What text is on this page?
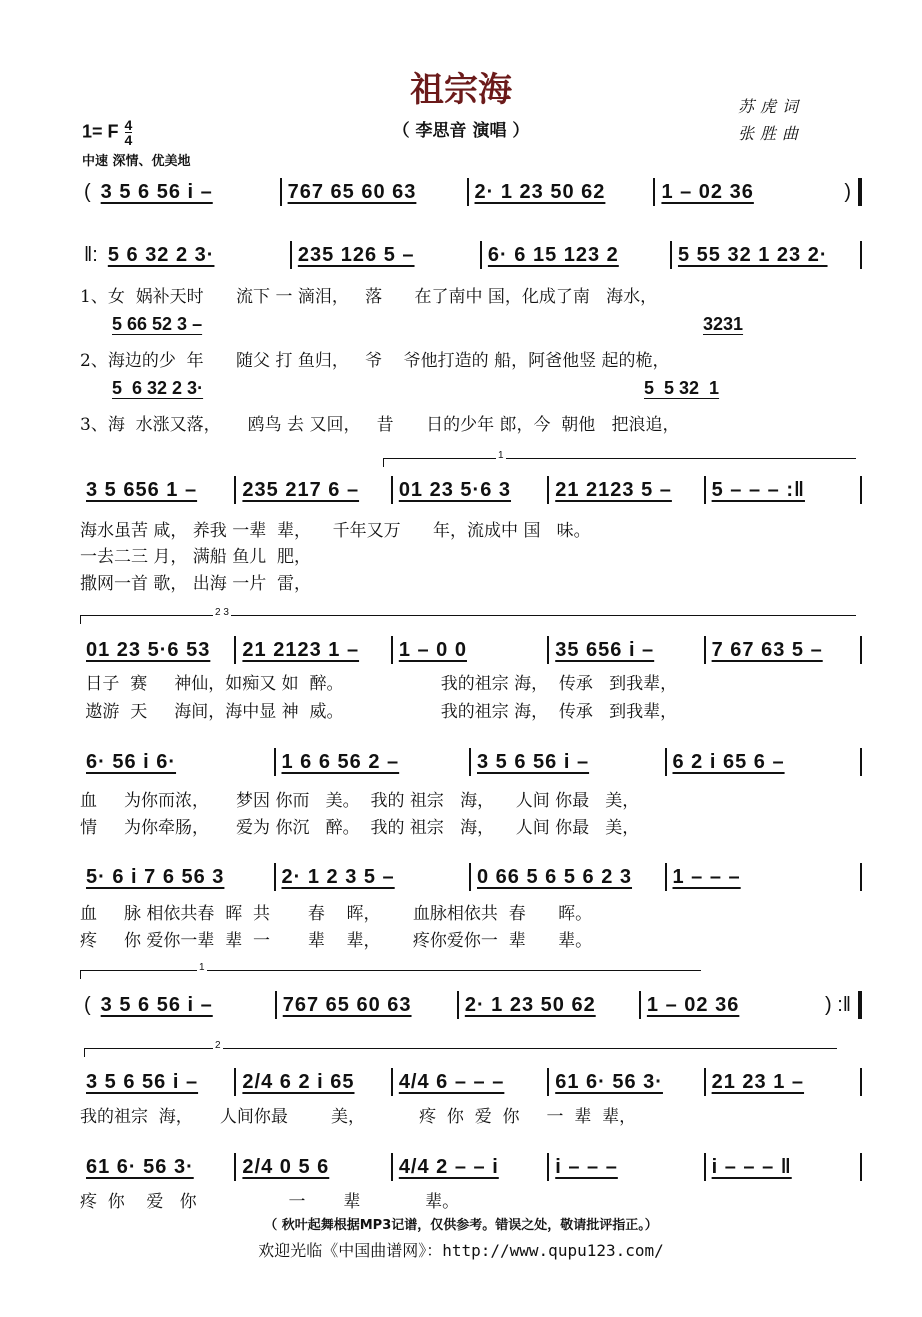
祖宗海
（ 李思音 演唱 ）
苏虎词
张胜曲
1= F $\frac{4}{4}$
中速 深情、优美地
( 3 5 6 56 i –	767 65 60 63	2· 1 23 50 62	1 – 02 36	)
‖: 5 6 32 2 3·	235 126 5 –	6· 6 15 123 2	5 55 32 1 23 2·
3 5 656 1 –	235 217 6 –	01 23 5·6 3	21 2123 5 –	5 – – – :‖
01 23 5·6 53	21 2123 1 –	1 – 0 0	35 656 i –	7 67 63 5 –
6· 56 i 6·	1 6 6 56 2 –	3 5 6 56 i –	6 2 i 65 6 –
5· 6 i 7 6 56 3	2· 1 2 3 5 –	0 66 5 6 5 6 2 3	1 – – –
( 3 5 6 56 i –	767 65 60 63	2· 1 23 50 62	1 – 02 36	) :‖
3 5 6 56 i –	2/4 6 2 i 65	4/4 6 – – –	61 6· 56 3·	21 23 1 –
61 6· 56 3·	2/4 0 5 6	4/4 2 – – i	i – – –	i – – – ‖
5 66 52 3 –	3231
5  6 32 2 3·	5  5 32  1
1、女  娲补天时      流下 一 滴泪，   落      在了南中 国，化成了南   海水，
2、海边的少  年      随父 打 鱼归，   爷    爷他打造的 船，阿爸他竖 起的桅，
3、海  水涨又落，     鸥鸟 去 又回，   昔      日的少年 郎，今  朝他   把浪追，
海水虽苦 咸， 养我 一辈  辈，    千年又万      年，流成中 国   味。
一去二三 月， 满船 鱼儿  肥，
撒网一首 歌， 出海 一片  雷，
日子  赛     神仙，如痴又 如  醉。                  我的祖宗 海，  传承   到我辈，
遨游  天     海间，海中显 神  威。                  我的祖宗 海，  传承   到我辈，
血     为你而浓，     梦因 你而   美。  我的 祖宗   海，    人间 你最   美，
情     为你牵肠，     爱为 你沉   醉。  我的 祖宗   海，    人间 你最   美，
血     脉 相依共春  晖  共       春    晖，      血脉相依共  春      晖。
疼     你 爱你一辈  辈  一       辈    辈，      疼你爱你一  辈      辈。
我的祖宗  海，     人间你最        美，          疼  你  爱  你     一  辈  辈，
疼  你    爱   你                 一       辈            辈。
1
2 3
1
2
（ 秋叶起舞根据MP3记谱，仅供参考。错误之处，敬请批评指正。）
欢迎光临《中国曲谱网》：http://www.qupu123.com/
